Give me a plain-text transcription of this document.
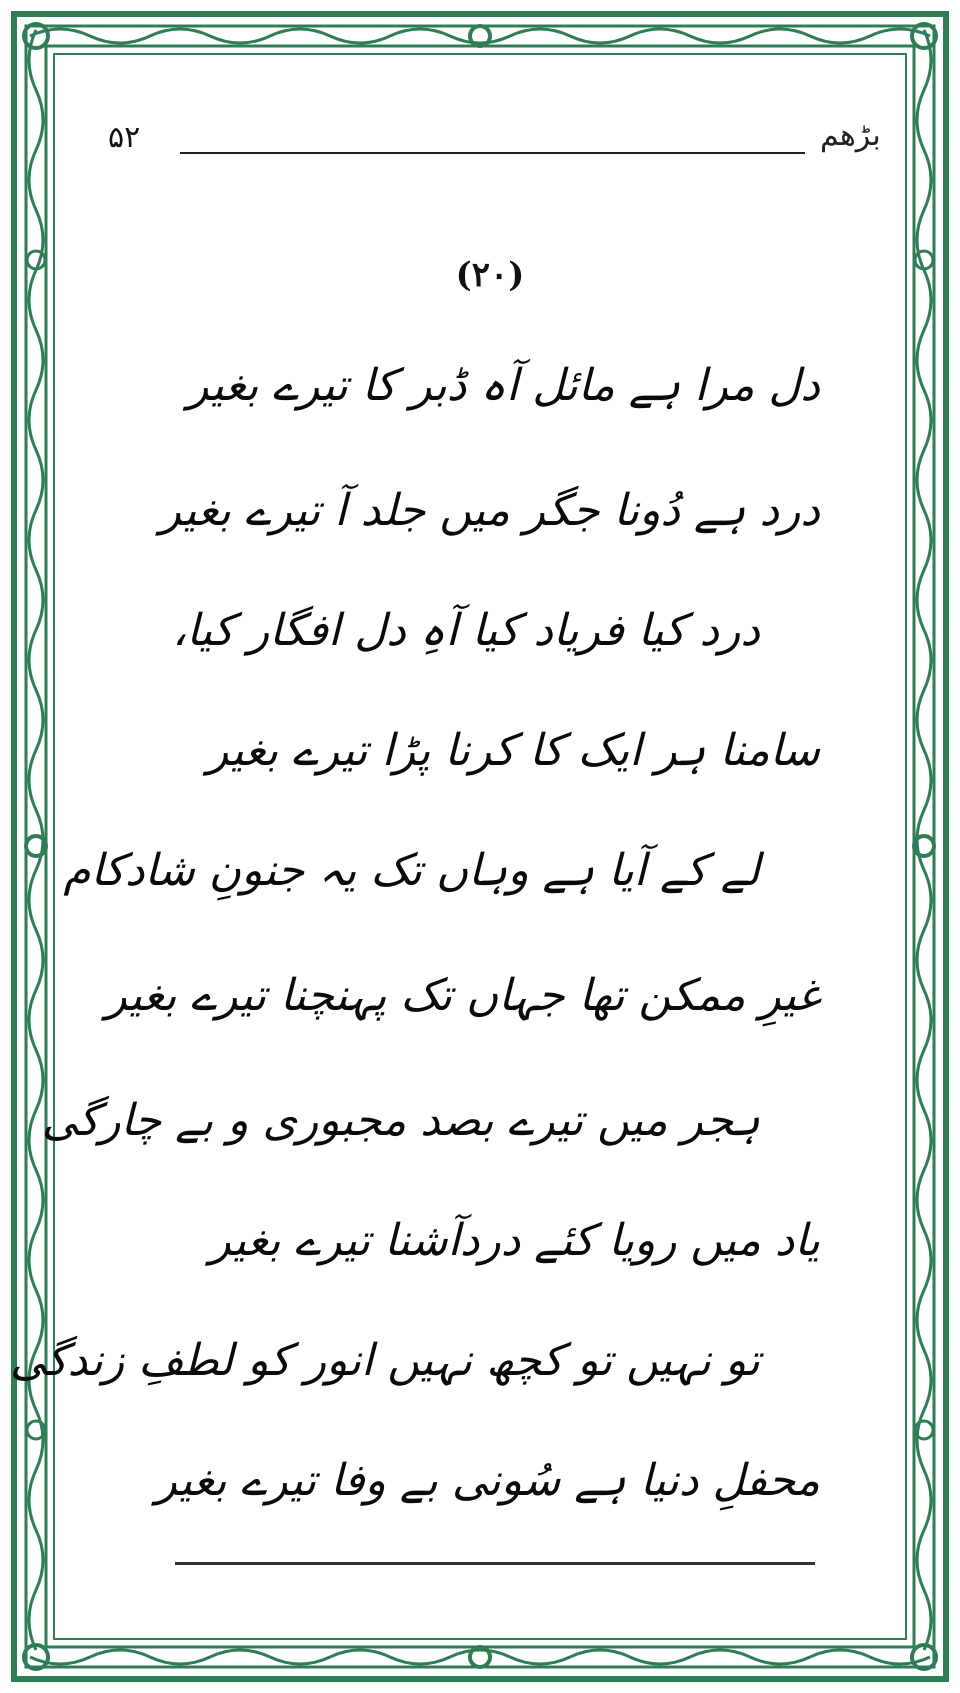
۵۲	بڑھم
(۲۰)
دل مرا ہے مائل آہ ڈبر کا تیرے بغیر
درد ہے دُونا جگر میں جلد آ تیرے بغیر
درد کیا فریاد کیا آہِ دل افگار کیا،
سامنا ہر ایک کا کرنا پڑا تیرے بغیر
لے کے آیا ہے وہاں تک یہ جنونِ شادکام
غیرِ ممکن تھا جہاں تک پہنچنا تیرے بغیر
ہجر میں تیرے بصد مجبوری و بے چارگی
یاد میں رویا کئے دردآشنا تیرے بغیر
تو نہیں تو کچھ نہیں انور کو لطفِ زندگی
محفلِ دنیا ہے سُونی بے وفا تیرے بغیر
